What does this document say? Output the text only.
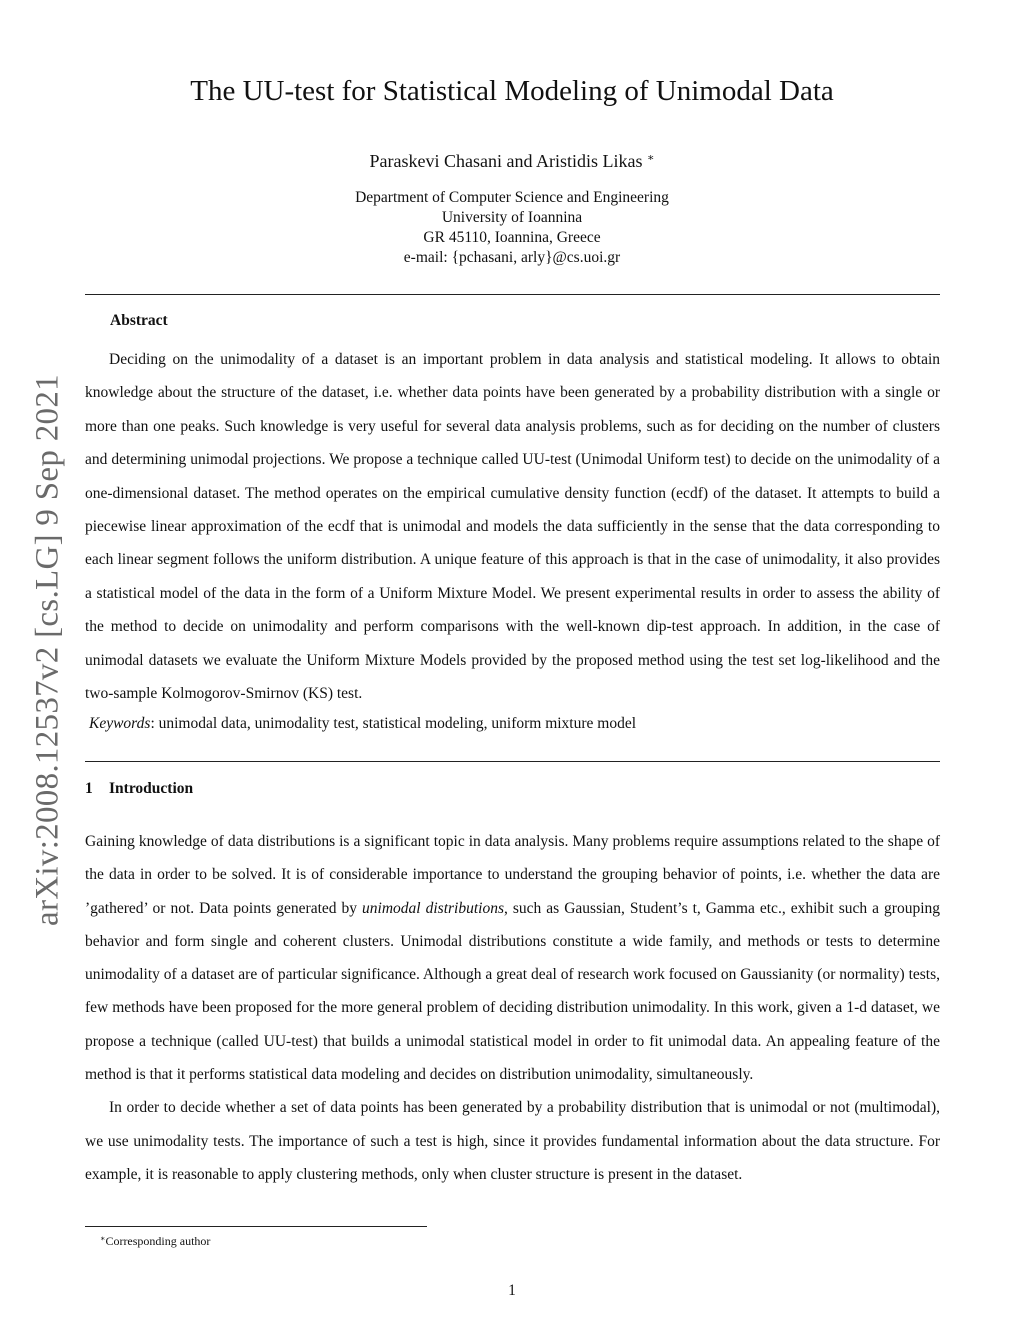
arXiv:2008.12537v2 [cs.LG] 9 Sep 2021
The UU-test for Statistical Modeling of Unimodal Data
Paraskevi Chasani and Aristidis Likas ∗
Department of Computer Science and Engineering
University of Ioannina
GR 45110, Ioannina, Greece
e-mail: {pchasani, arly}@cs.uoi.gr
Abstract

Deciding on the unimodality of a dataset is an important problem in data analysis and statistical modeling. It allows to obtain knowledge about the structure of the dataset, i.e. whether data points have been generated by a probability distribution with a single or more than one peaks. Such knowledge is very useful for several data analysis problems, such as for deciding on the number of clusters and determining unimodal projections. We propose a technique called UU-test (Unimodal Uniform test) to decide on the unimodality of a one-dimensional dataset. The method operates on the empirical cumulative density function (ecdf) of the dataset. It attempts to build a piecewise linear approximation of the ecdf that is unimodal and models the data sufficiently in the sense that the data corresponding to each linear segment follows the uniform distribution. A unique feature of this approach is that in the case of unimodality, it also provides a statistical model of the data in the form of a Uniform Mixture Model. We present experimental results in order to assess the ability of the method to decide on unimodality and perform comparisons with the well-known dip-test approach. In addition, in the case of unimodal datasets we evaluate the Uniform Mixture Models provided by the proposed method using the test set log-likelihood and the two-sample Kolmogorov-Smirnov (KS) test.

Keywords: unimodal data, unimodality test, statistical modeling, uniform mixture model
1 Introduction

Gaining knowledge of data distributions is a significant topic in data analysis. Many problems require assumptions related to the shape of the data in order to be solved. It is of considerable importance to understand the grouping behavior of points, i.e. whether the data are ’gathered’ or not. Data points generated by unimodal distributions, such as Gaussian, Student’s t, Gamma etc., exhibit such a grouping behavior and form single and coherent clusters. Unimodal distributions constitute a wide family, and methods or tests to determine unimodality of a dataset are of particular significance. Although a great deal of research work focused on Gaussianity (or normality) tests, few methods have been proposed for the more general problem of deciding distribution unimodality. In this work, given a 1-d dataset, we propose a technique (called UU-test) that builds a unimodal statistical model in order to fit unimodal data. An appealing feature of the method is that it performs statistical data modeling and decides on distribution unimodality, simultaneously.

In order to decide whether a set of data points has been generated by a probability distribution that is unimodal or not (multimodal), we use unimodality tests. The importance of such a test is high, since it provides fundamental information about the data structure. For example, it is reasonable to apply clustering methods, only when cluster structure is present in the dataset.

∗Corresponding author
1
